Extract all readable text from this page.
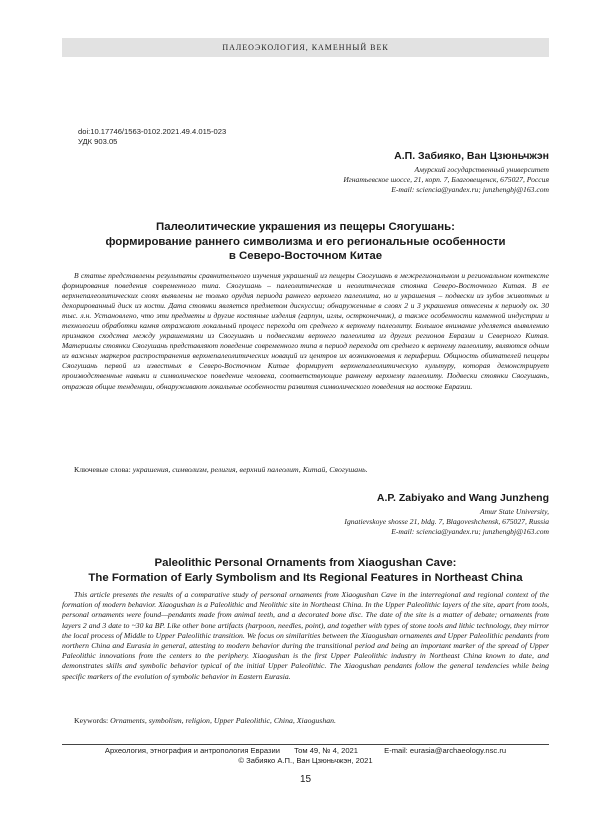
ПАЛЕОЭКОЛОГИЯ, КАМЕННЫЙ ВЕК
doi:10.17746/1563-0102.2021.49.4.015-023
УДК 903.05

А.П. Забияко, Ван Цзюньчжэн

Амурский государственный университет

Игнатьевское шоссе, 21, корп. 7, Благовещенск, 675027, Россия

E-mail: sciencia@yandex.ru; junzhengbj@163.com

Палеолитические украшения из пещеры Сяогушань:
формирование раннего символизма и его региональные особенности
в Северо-Восточном Китае

В статье представлены результаты сравнительного изучения украшений из пещеры Сяогушань в межрегиональном и региональном контексте формирования поведения современного типа. Сяогушань – палеолитическая и неолитическая стоянка Северо-Восточного Китая. В ее верхнепалеолитических слоях выявлены не только орудия периода раннего верхнего палеолита, но и украшения – подвески из зубов животных и декорированный диск из кости. Дата стоянки является предметом дискуссии; обнаруженные в слоях 2 и 3 украшения отнесены к периоду ок. 30 тыс. л.н. Установлено, что эти предметы и другие костяные изделия (гарпун, иглы, острконечник), а также особенности каменной индустрии и технологии обработки камня отражают локальный процесс перехода от среднего к верхнему палеолиту. Большое внимание уделяется выявлению признаков сходства между украшениями из Сяогушань и подвесками верхнего палеолита из других регионов Евразии и Северного Китая. Материалы стоянки Сяогушань представляют поведение современного типа в период перехода от среднего к верхнему палеолиту, являются одним из важных маркеров распространения верхнепалеолитических новаций из центров их возникновения к периферии. Общность обитателей пещеры Сяогушань первой из известных в Северо-Восточном Китае формирует верхнепалеолитическую культуру, которая демонстрирует производственные навыки и символическое поведение человека, соответствующие раннему верхнему палеолиту. Подвески стоянки Сяогушань, отражая общие тенденции, обнаруживают локальные особенности развития символического поведения на востоке Евразии.

Ключевые слова: украшения, символизм, религия, верхний палеолит, Китай, Сяогушань.

A.P. Zabiyako and Wang Junzheng

Amur State University,

Ignatievskoye shosse 21, bldg. 7, Blagoveshchensk, 675027, Russia

E-mail: sciencia@yandex.ru; junzhengbj@163.com

Paleolithic Personal Ornaments from Xiaogushan Cave:
The Formation of Early Symbolism and Its Regional Features in Northeast China

This article presents the results of a comparative study of personal ornaments from Xiaogushan Cave in the interregional and regional context of the formation of modern behavior. Xiaogushan is a Paleolithic and Neolithic site in Northeast China. In the Upper Paleolithic layers of the site, apart from tools, personal ornaments were found—pendants made from animal teeth, and a decorated bone disc. The date of the site is a matter of debate; ornaments from layers 2 and 3 date to ~30 ka BP. Like other bone artifacts (harpoon, needles, point), and together with types of stone tools and lithic technology, they mirror the local process of Middle to Upper Paleolithic transition. We focus on similarities between the Xiaogushan ornaments and Upper Paleolithic pendants from northern China and Eurasia in general, attesting to modern behavior during the transitional period and being an important marker of the spread of Upper Paleolithic innovations from the centers to the periphery. Xiaogushan is the first Upper Paleolithic industry in Northeast China known to date, and demonstrates skills and symbolic behavior typical of the initial Upper Paleolithic. The Xiaogushan pendants follow the general tendencies while being specific markers of the evolution of symbolic behavior in Eastern Eurasia.

Keywords: Ornaments, symbolism, religion, Upper Paleolithic, China, Xiaogushan.

Археология, этнография и антропология Евразии Том 49, № 4, 2021	E-mail: eurasia@archaeology.nsc.ru

© Забияко А.П., Ван Цзюньчжэн, 2021

15
